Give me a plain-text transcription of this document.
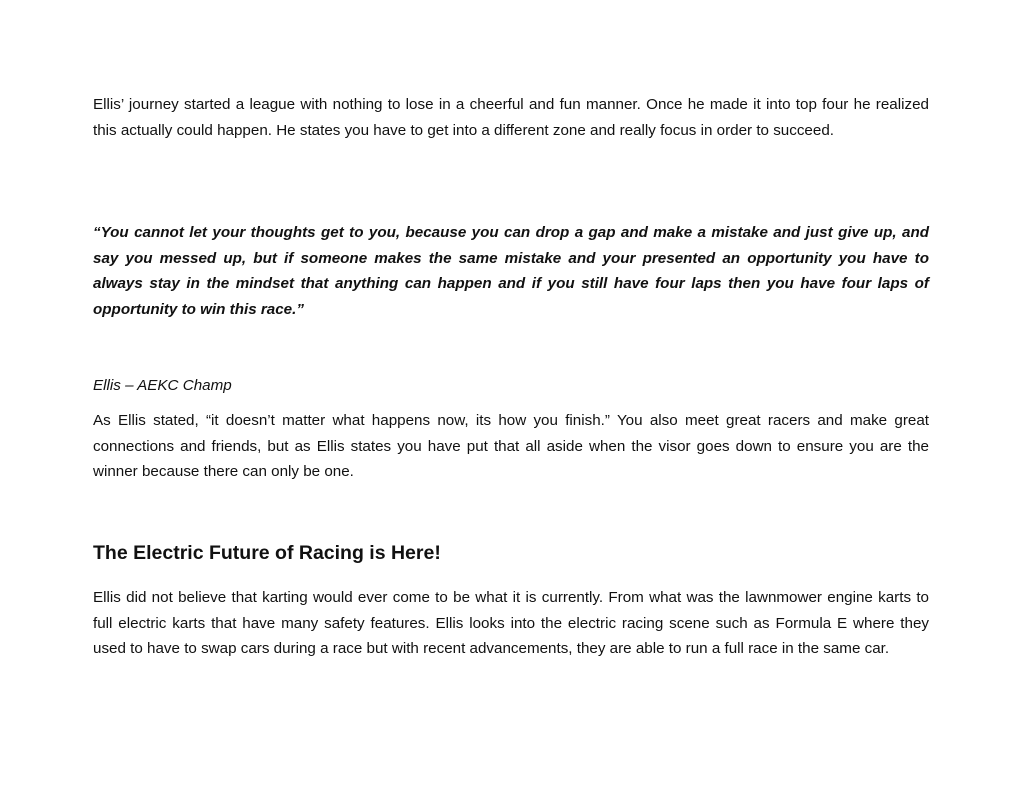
Ellis’ journey started a league with nothing to lose in a cheerful and fun manner. Once he made it into top four he realized this actually could happen. He states you have to get into a different zone and really focus in order to succeed.

“You cannot let your thoughts get to you, because you can drop a gap and make a mistake and just give up, and say you messed up, but if someone makes the same mistake and your presented an opportunity you have to always stay in the mindset that anything can happen and if you still have four laps then you have four laps of opportunity to win this race.”

Ellis – AEKC Champ

As Ellis stated, “it doesn’t matter what happens now, its how you finish.” You also meet great racers and make great connections and friends, but as Ellis states you have put that all aside when the visor goes down to ensure you are the winner because there can only be one.

The Electric Future of Racing is Here!

Ellis did not believe that karting would ever come to be what it is currently. From what was the lawnmower engine karts to full electric karts that have many safety features. Ellis looks into the electric racing scene such as Formula E where they used to have to swap cars during a race but with recent advancements, they are able to run a full race in the same car.
